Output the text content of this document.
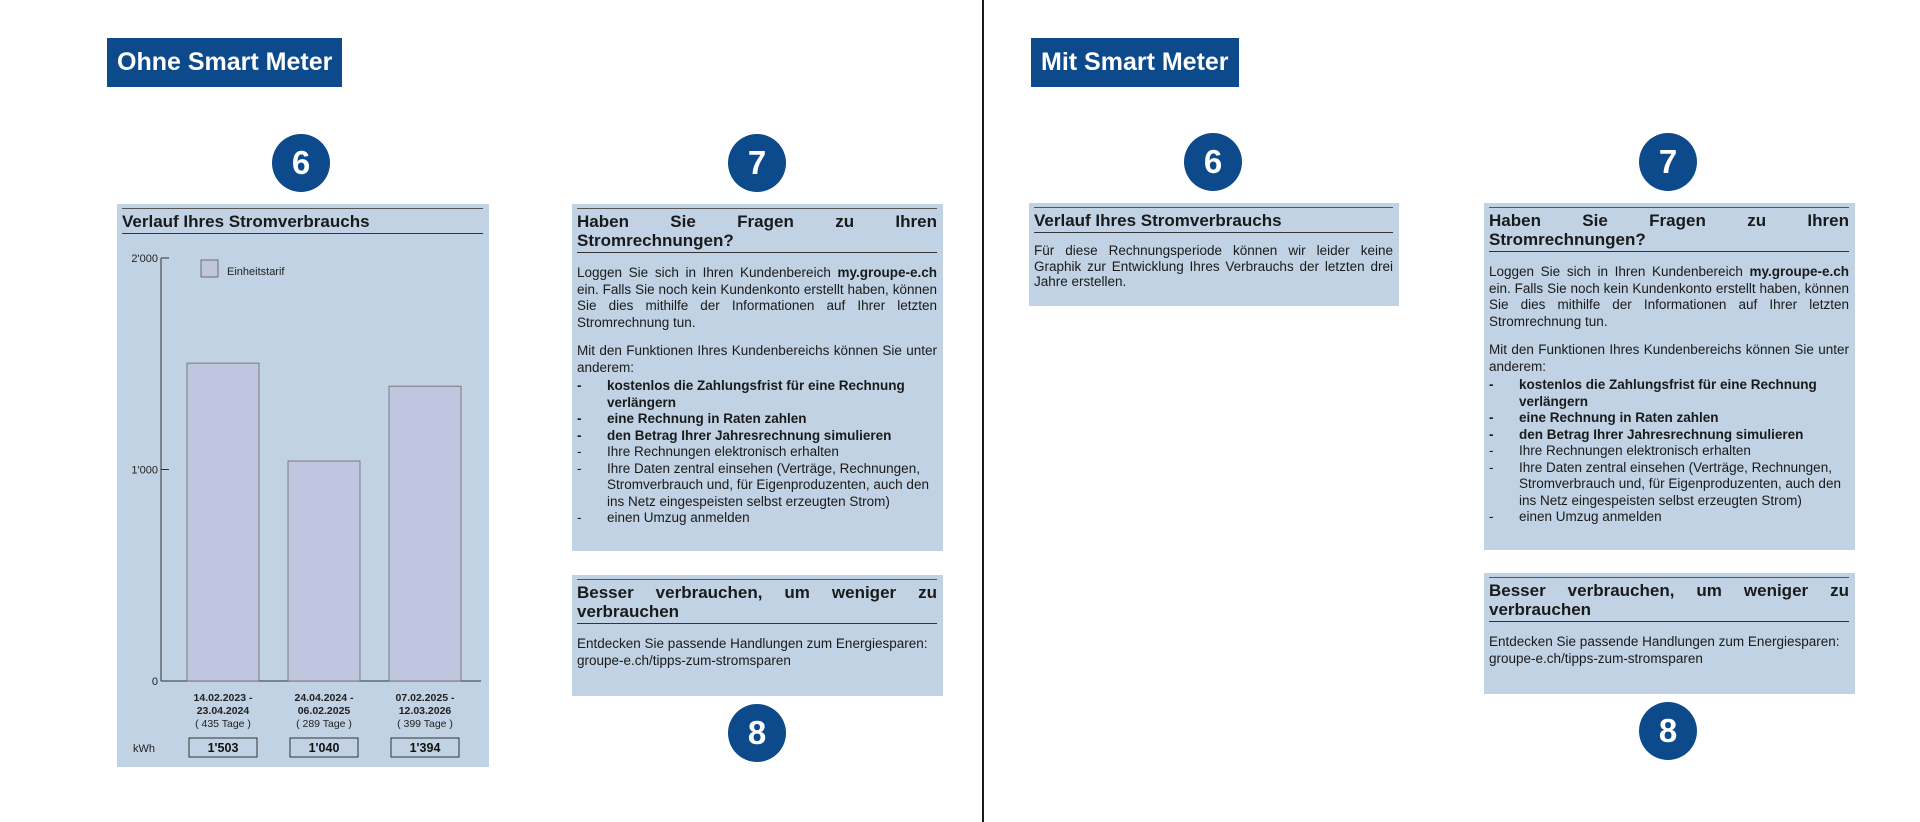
Ohne Smart Meter
6	7
Verlauf Ihres Stromverbrauchs
0
1'000
2'000
Einheitstarif
14.02.2023 -
23.04.2024
( 435 Tage )
1'503
24.04.2024 -
06.02.2025
( 289 Tage )
1'040
07.02.2025 -
12.03.2026
( 399 Tage )
1'394
kWh
Haben Sie Fragen zu Ihren Stromrechnungen?

Loggen Sie sich in Ihren Kundenbereich my.groupe-e.ch ein. Falls Sie noch kein Kundenkonto erstellt haben, können Sie dies mithilfe der Informationen auf Ihrer letzten Stromrechnung tun.

Mit den Funktionen Ihres Kundenbereichs können Sie unter anderem:

- kostenlos die Zahlungsfrist für eine Rechnung verlängern
- eine Rechnung in Raten zahlen
- den Betrag Ihrer Jahresrechnung simulieren
- Ihre Rechnungen elektronisch erhalten
- Ihre Daten zentral einsehen (Verträge, Rechnungen, Stromverbrauch und, für Eigenproduzenten, auch den ins Netz eingespeisten selbst erzeugten Strom)
- einen Umzug anmelden
Besser verbrauchen, um weniger zu verbrauchen
Entdecken Sie passende Handlungen zum Energiesparen:
groupe-e.ch/tipps-zum-stromsparen
8
Mit Smart Meter
6	7
Verlauf Ihres Stromverbrauchs
Für diese Rechnungsperiode können wir leider keine Graphik zur Entwicklung Ihres Verbrauchs der letzten drei Jahre erstellen.
Haben Sie Fragen zu Ihren Stromrechnungen?

Loggen Sie sich in Ihren Kundenbereich my.groupe-e.ch ein. Falls Sie noch kein Kundenkonto erstellt haben, können Sie dies mithilfe der Informationen auf Ihrer letzten Stromrechnung tun.

Mit den Funktionen Ihres Kundenbereichs können Sie unter anderem:

- kostenlos die Zahlungsfrist für eine Rechnung verlängern
- eine Rechnung in Raten zahlen
- den Betrag Ihrer Jahresrechnung simulieren
- Ihre Rechnungen elektronisch erhalten
- Ihre Daten zentral einsehen (Verträge, Rechnungen, Stromverbrauch und, für Eigenproduzenten, auch den ins Netz eingespeisten selbst erzeugten Strom)
- einen Umzug anmelden
Besser verbrauchen, um weniger zu verbrauchen
Entdecken Sie passende Handlungen zum Energiesparen:
groupe-e.ch/tipps-zum-stromsparen
8
